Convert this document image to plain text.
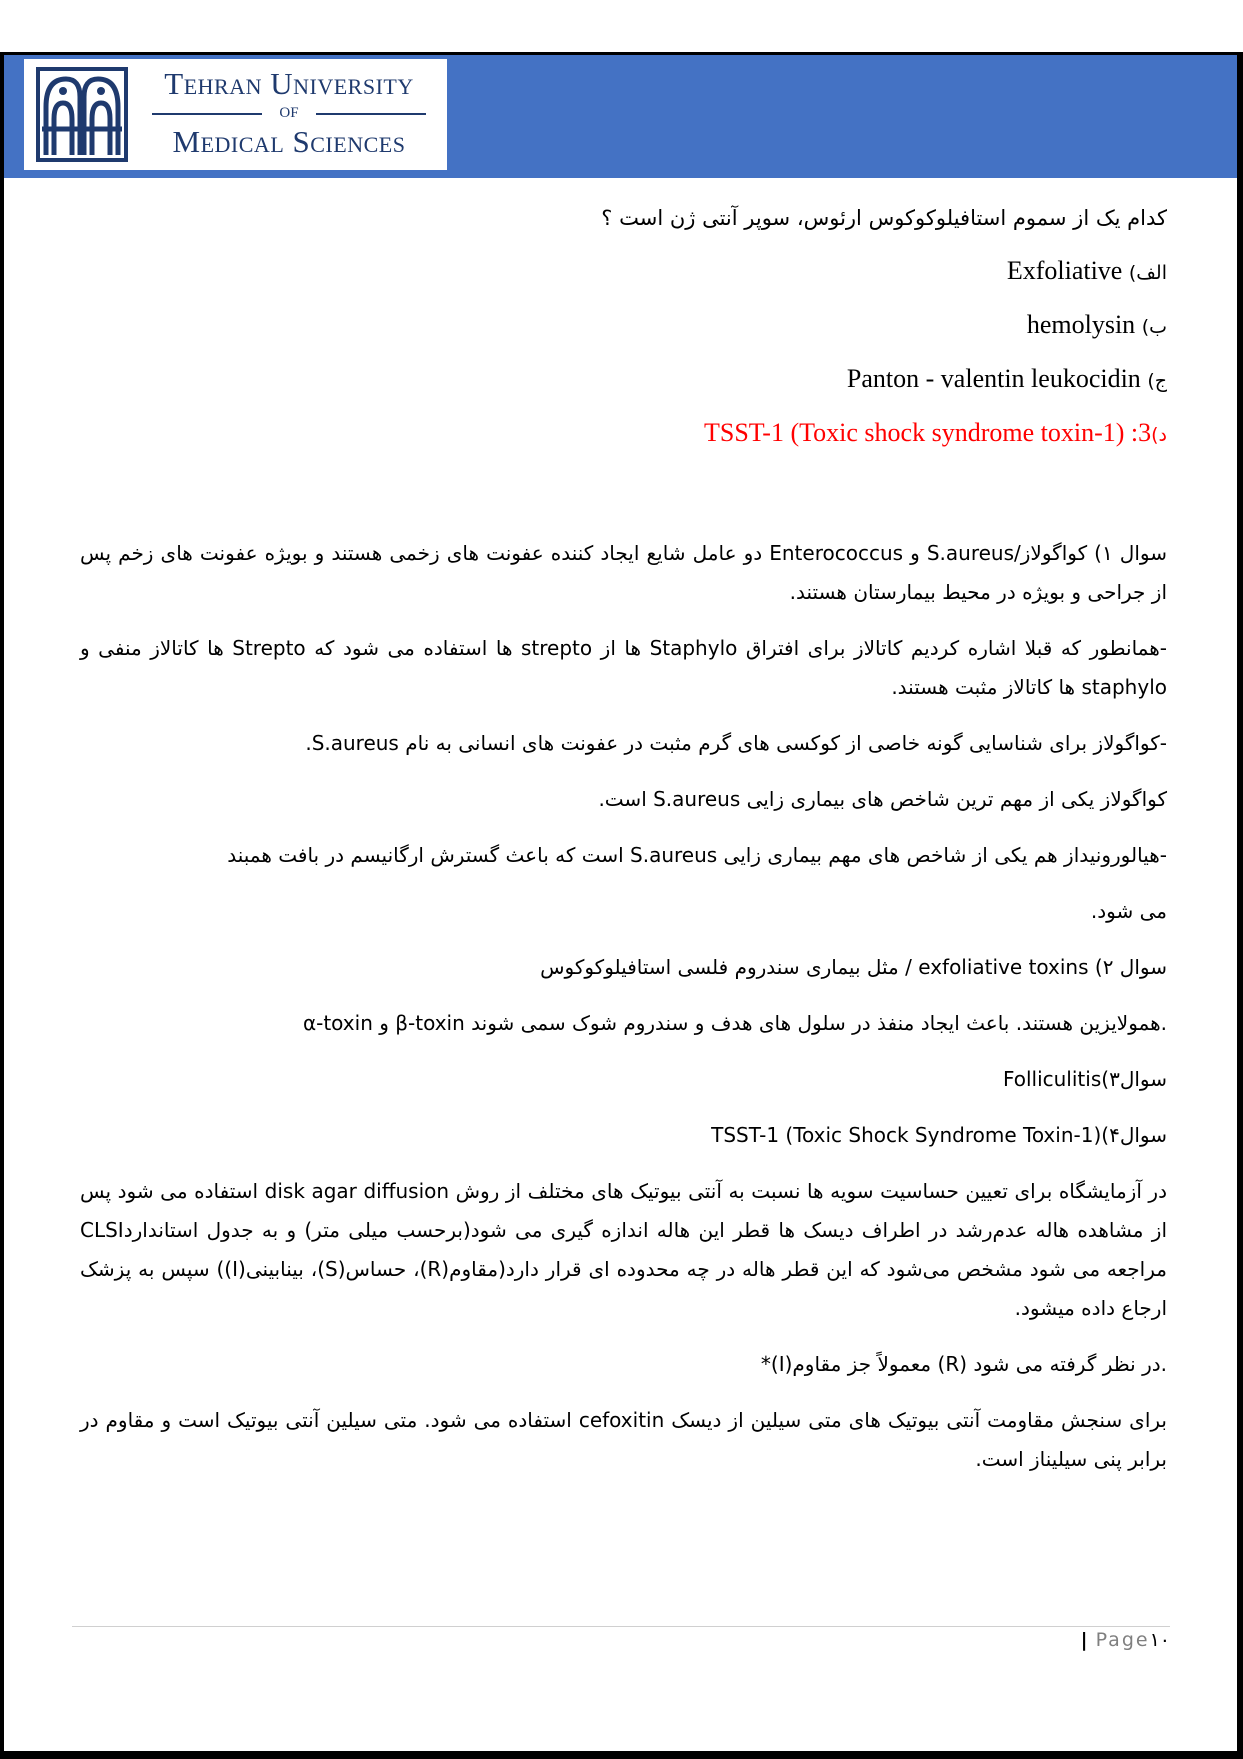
Tehran University
OF
Medical Sciences

کدام یک از سموم استافیلوکوکوس ارئوس، سوپر آنتی ژن است ؟

الف) Exfoliative

ب) hemolysin

ج) Panton - valentin leukocidin

د)3: TSST-1 (Toxic shock syndrome toxin-1)

سوال ۱) کواگولاز/S.aureus و Enterococcus دو عامل شایع ایجاد کننده عفونت های زخمی هستند و بویژه عفونت های زخم پس از جراحی و بویژه در محیط بیمارستان هستند.

-همانطور که قبلا اشاره کردیم کاتالاز برای افتراق Staphylo ها از strepto ها استفاده می شود که Strepto ها کاتالاز منفی و staphylo ها کاتالاز مثبت هستند.

-کواگولاز برای شناسایی گونه خاصی از کوکسی های گرم مثبت در عفونت های انسانی به نام S.aureus.

کواگولاز یکی از مهم ترین شاخص های بیماری زایی S.aureus است.

-هیالورونیداز هم یکی از شاخص های مهم بیماری زایی S.aureus است که باعث گسترش ارگانیسم در بافت همبند

می شود.

سوال ۲) exfoliative toxins / مثل بیماری سندروم فلسی استافیلوکوکوس

α-toxin و β-toxin همولایزین هستند. باعث ایجاد منفذ در سلول های هدف و سندروم شوک سمی شوند.

سوال۳)Folliculitis

سوال۴)TSST-1 (Toxic Shock Syndrome Toxin-1)

در آزمایشگاه برای تعیین حساسیت سویه ها نسبت به آنتی بیوتیک های مختلف از روش disk agar diffusion استفاده می شود پس از مشاهده هاله عدم‌رشد در اطراف دیسک ها قطر این هاله اندازه گیری می شود(برحسب میلی متر) و به جدول استانداردCLSI مراجعه می شود مشخص می‌شود که این قطر هاله در چه محدوده ای قرار دارد(مقاوم(R)، حساس(S)، بینابینی(I)) سپس به پزشک ارجاع داده میشود.

*(I)معمولاً جز مقاوم (R) در نظر گرفته می شود.

برای سنجش مقاومت آنتی بیوتیک های متی سیلین از دیسک cefoxitin استفاده می شود. متی سیلین آنتی بیوتیک است و مقاوم در برابر پنی سیلیناز است.

| Page۱۰
